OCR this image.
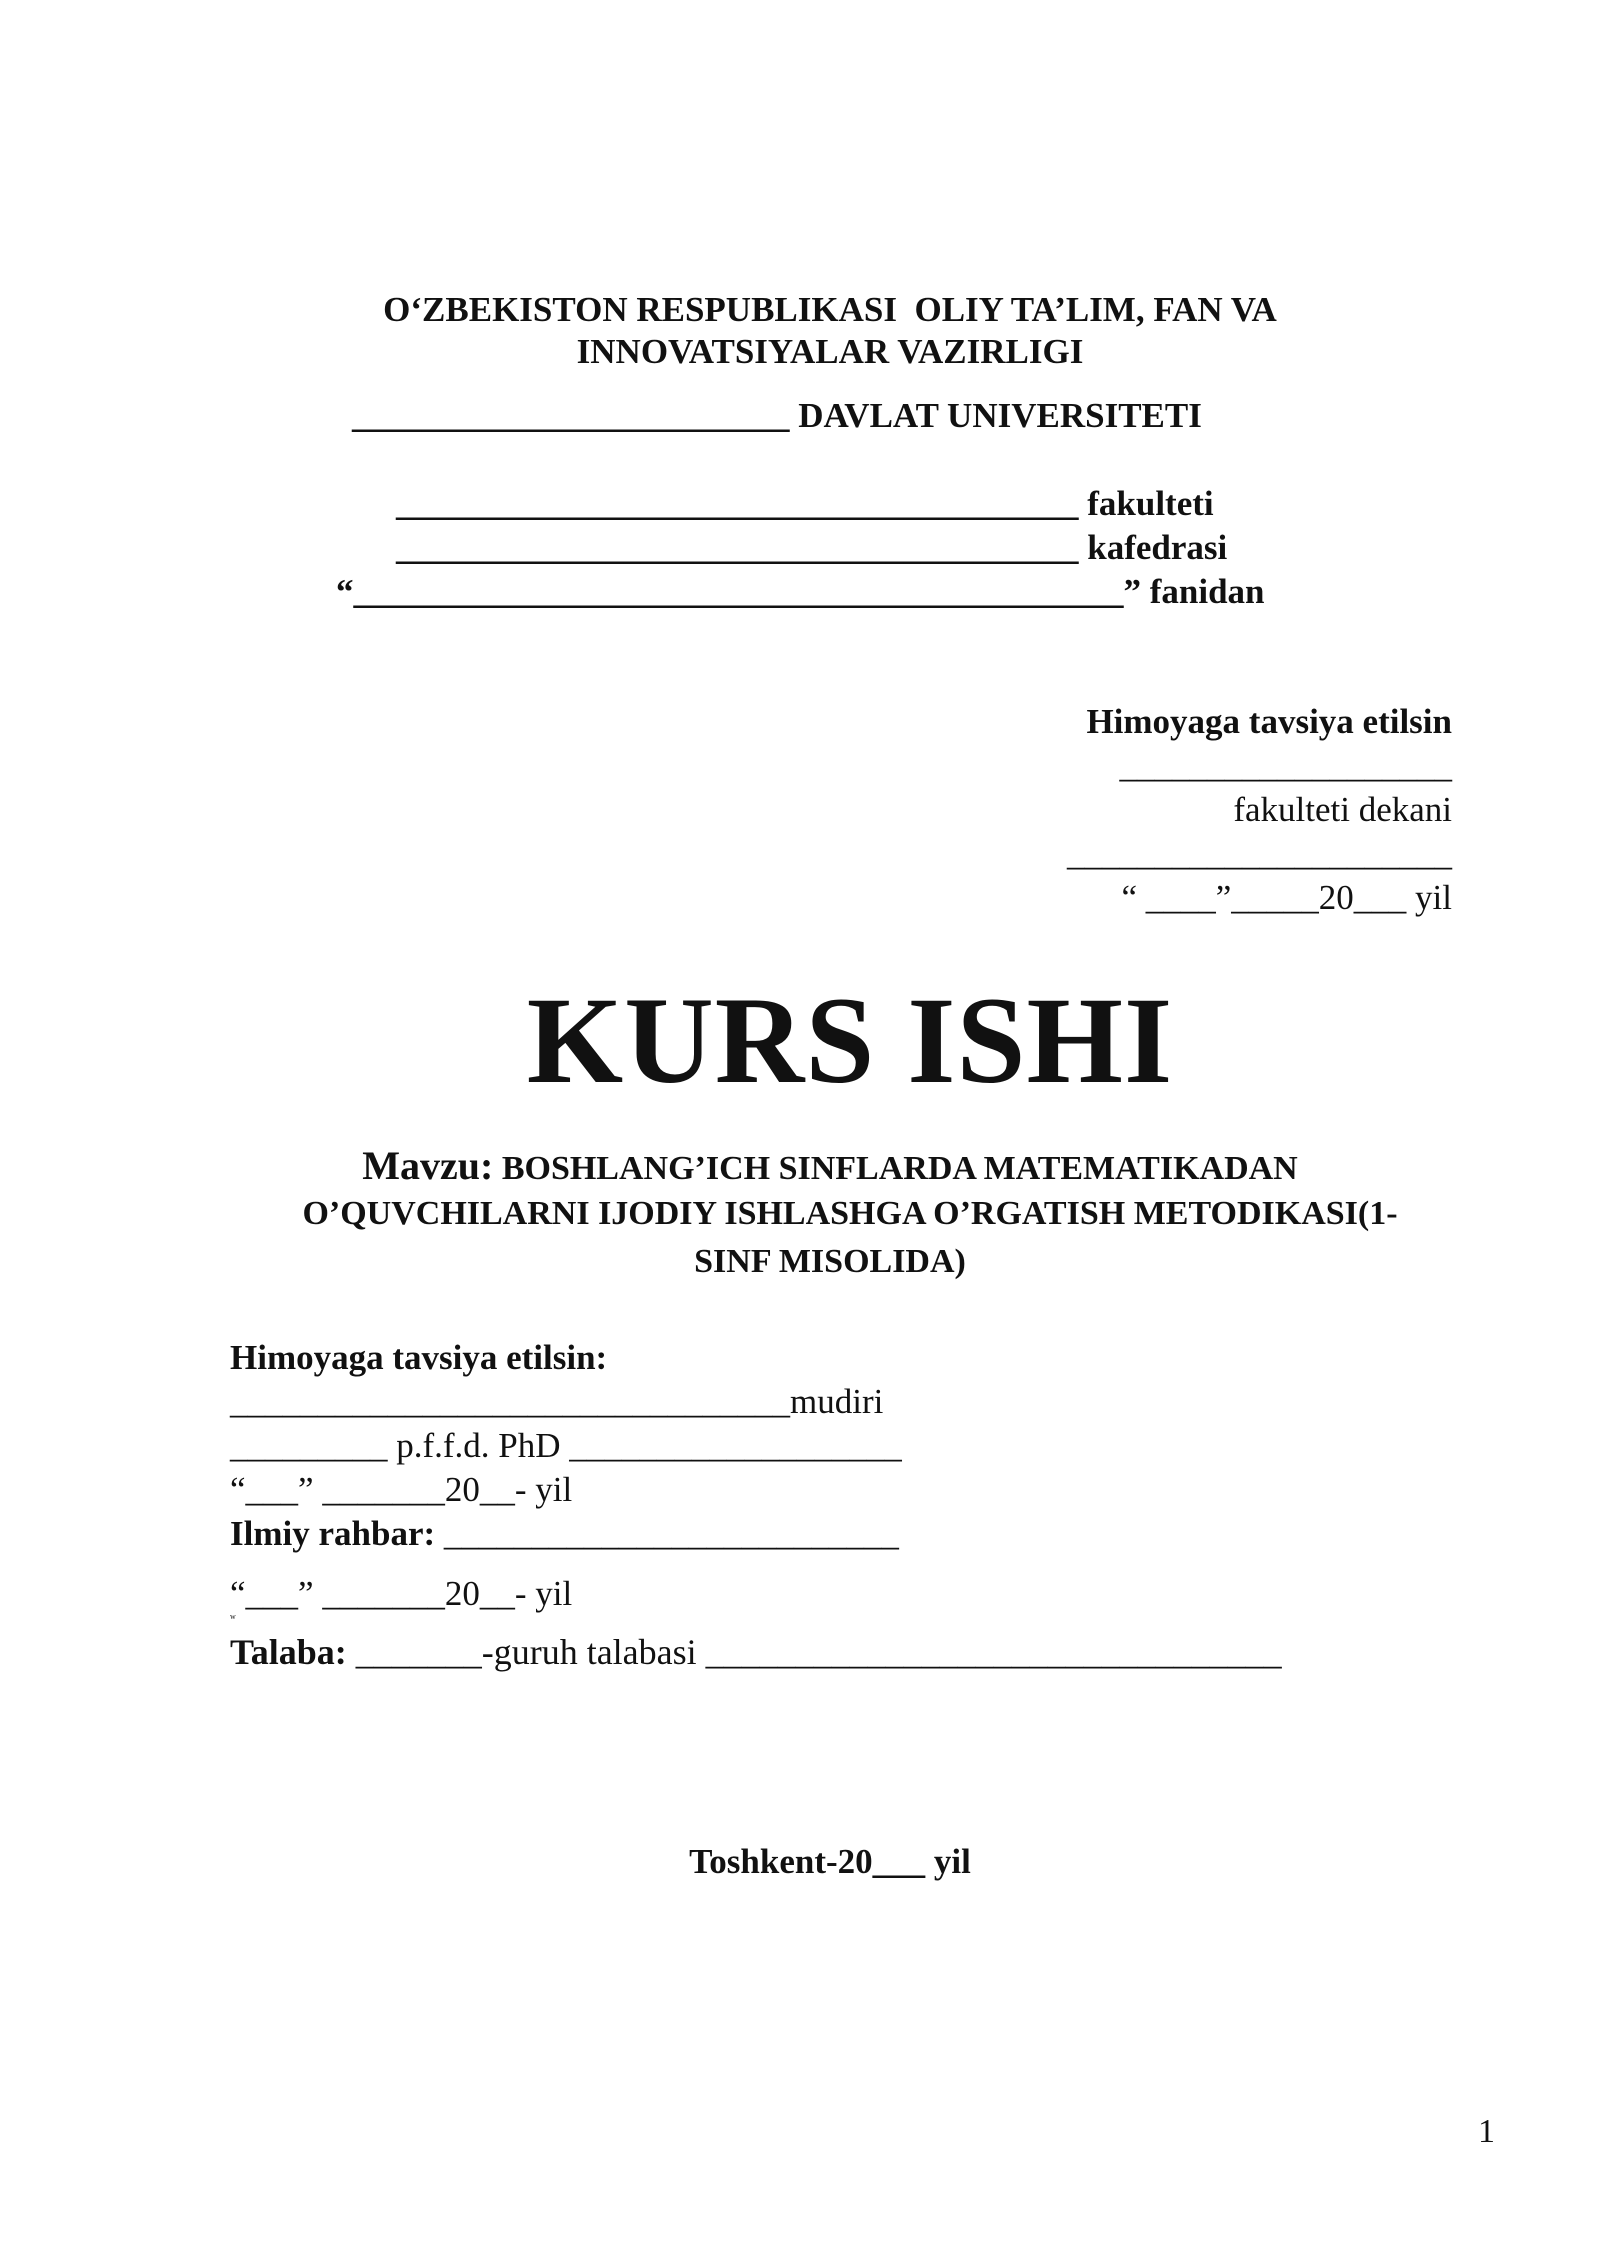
O‘ZBEKISTON RESPUBLIKASI  OLIY TA’LIM, FAN VA
INNOVATSIYALAR VAZIRLIGI
_________________________ DAVLAT UNIVERSITETI
_______________________________________ fakulteti
_______________________________________ kafedrasi
“____________________________________________” fanidan
Himoyaga tavsiya etilsin
___________________
fakulteti dekani
______________________
“ ____”_____20___ yil
KURS ISHI
Mavzu: BOSHLANG’ICH SINFLARDA MATEMATIKADAN
O’QUVCHILARNI IJODIY ISHLASHGA O’RGATISH METODIKASI(1-
SINF MISOLIDA)
Himoyaga tavsiya etilsin:
________________________________mudiri
_________ p.f.f.d. PhD ___________________
“___” _______20__- yil
Ilmiy rahbar: __________________________
“___” _______20__- yil
w
Talaba: _______-guruh talabasi ________________________________
Toshkent-20___ yil
1
